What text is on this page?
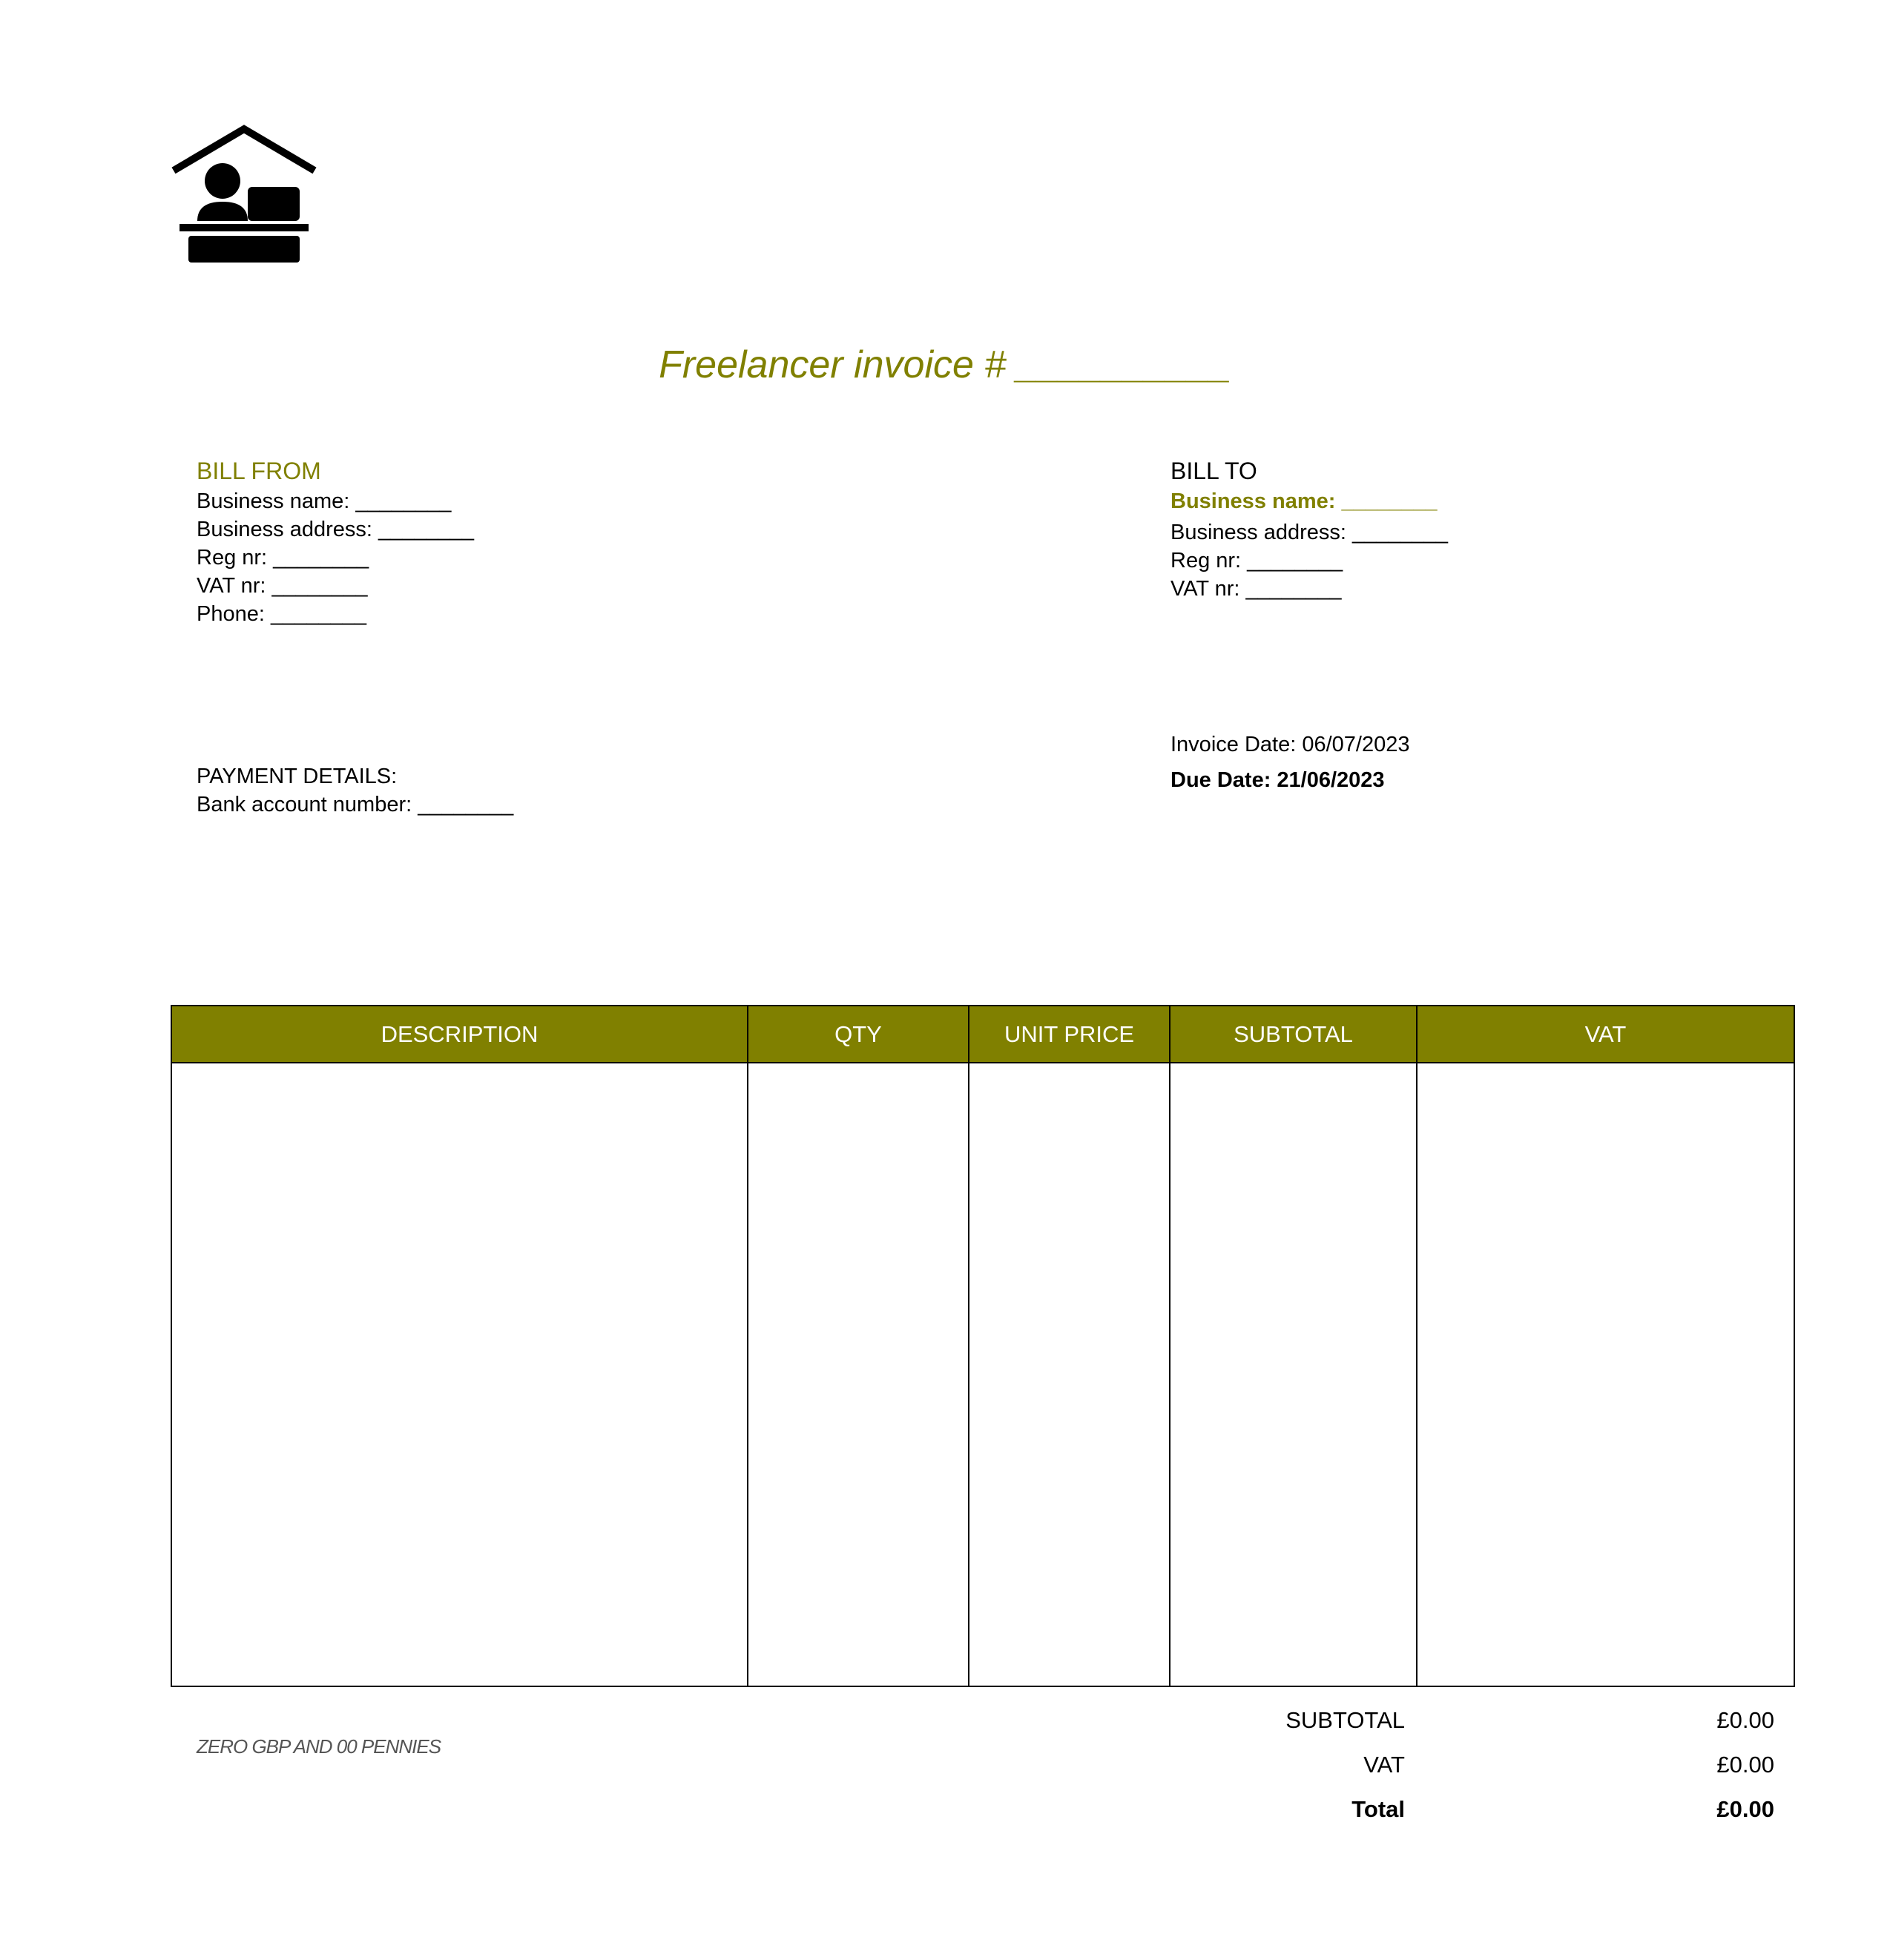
Freelancer invoice # __________
BILL FROM
Business name: ________
Business address: ________
Reg nr: ________
VAT nr: ________
Phone: ________
BILL TO
Business name: ________
Business address: ________
Reg nr: ________
VAT nr: ________
PAYMENT DETAILS:
Bank account number: ________
Invoice Date: 06/07/2023
Due Date: 21/06/2023
DESCRIPTION	QTY	UNIT PRICE	SUBTOTAL	VAT
ZERO GBP AND 00 PENNIES
SUBTOTAL	£0.00
VAT	£0.00
Total	£0.00
